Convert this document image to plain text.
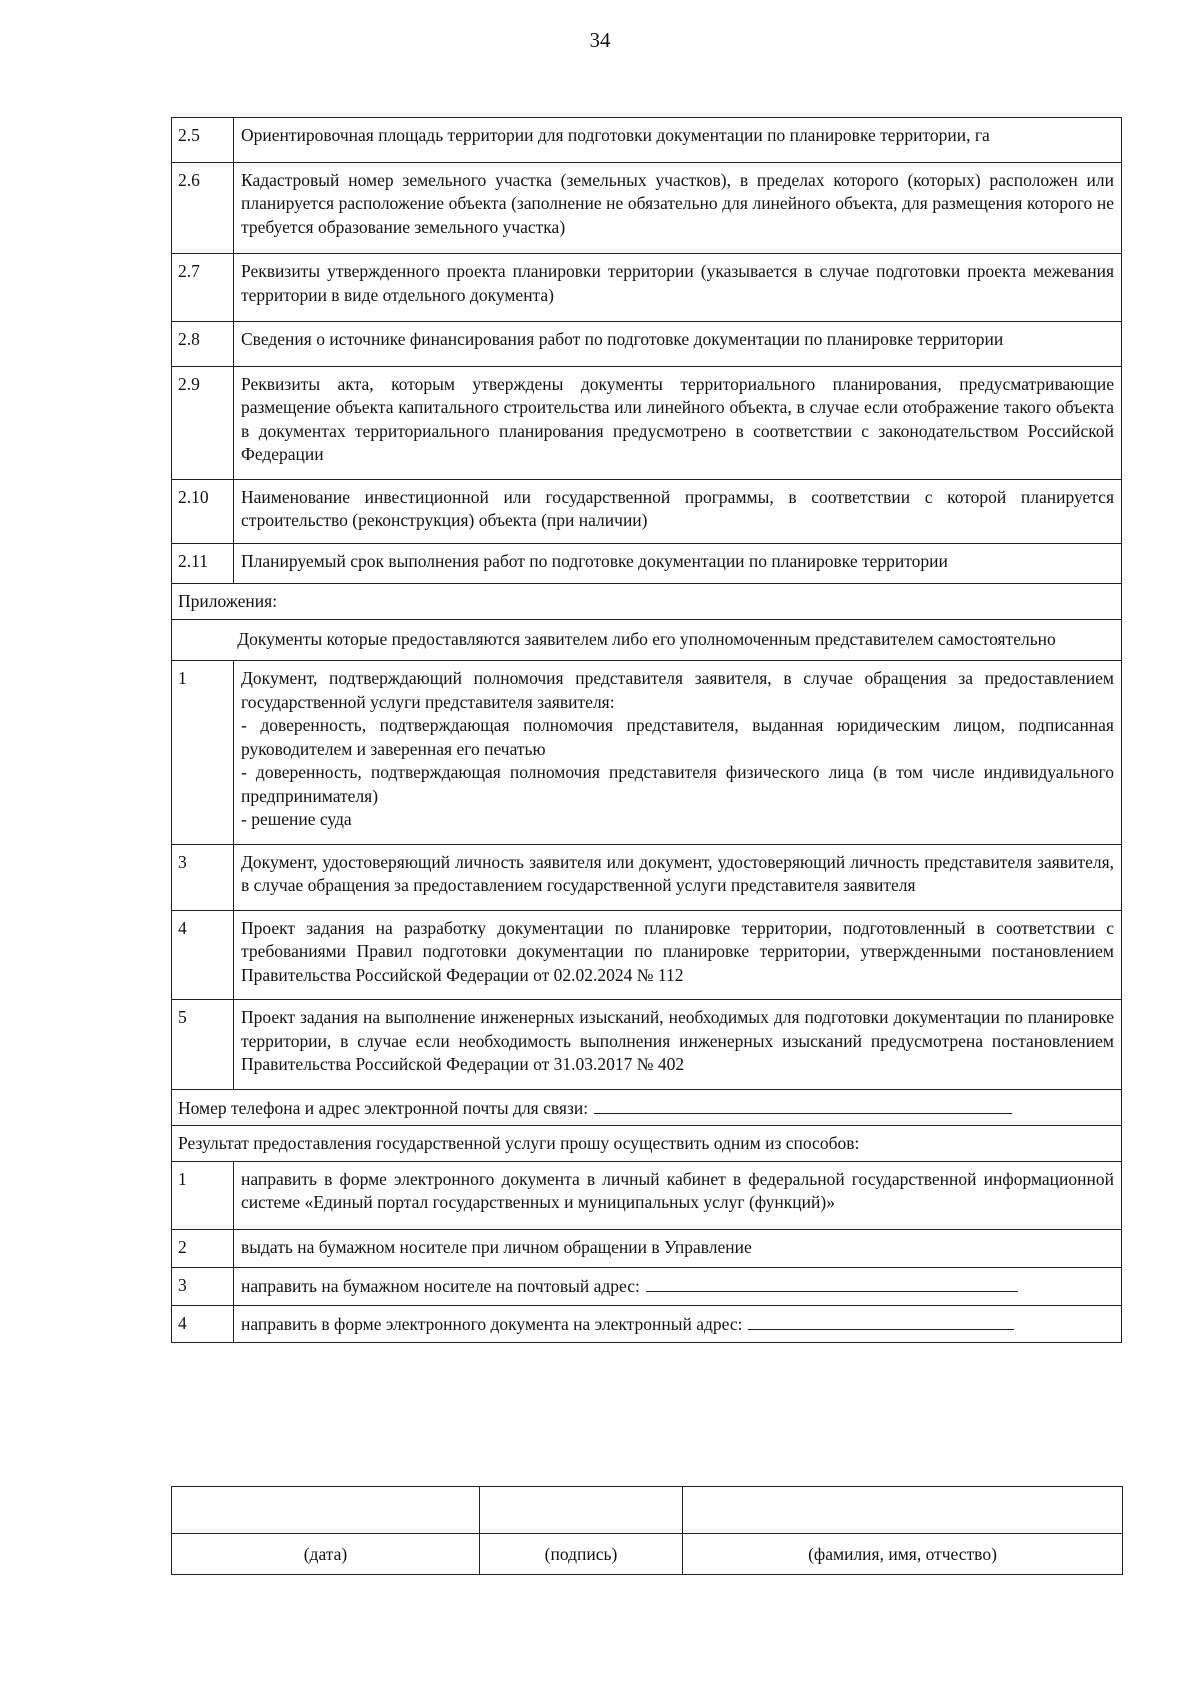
34
2.5	Ориентировочная площадь территории для подготовки документации по планировке территории, га

2.6	Кадастровый номер земельного участка (земельных участков), в пределах которого (которых) расположен или планируется расположение объекта (заполнение не обязательно для линейного объекта, для размещения которого не требуется образование земельного участка)

2.7	Реквизиты утвержденного проекта планировки территории (указывается в случае подготовки проекта межевания территории в виде отдельного документа)

2.8	Сведения о источнике финансирования работ по подготовке документации по планировке территории

2.9	Реквизиты акта, которым утверждены документы территориального планирования, предусматривающие размещение объекта капитального строительства или линейного объекта, в случае если отображение такого объекта в документах территориального планирования предусмотрено в соответствии с законодательством Российской Федерации

2.10	Наименование инвестиционной или государственной программы, в соответствии с которой планируется строительство (реконструкция) объекта (при наличии)

2.11	Планируемый срок выполнения работ по подготовке документации по планировке территории

Приложения:	
Документы которые предоставляются заявителем либо его уполномоченным представителем самостоятельно	
1	Документ, подтверждающий полномочия представителя заявителя, в случае обращения за предоставлением государственной услуги представителя заявителя:
- доверенность, подтверждающая полномочия представителя, выданная юридическим лицом, подписанная руководителем и заверенная его печатью
- доверенность, подтверждающая полномочия представителя физического лица (в том числе индивидуального предпринимателя)
- решение суда

3	Документ, удостоверяющий личность заявителя или документ, удостоверяющий личность представителя заявителя, в случае обращения за предоставлением государственной услуги представителя заявителя

4	Проект задания на разработку документации по планировке территории, подготовленный в соответствии с требованиями Правил подготовки документации по планировке территории, утвержденными постановлением Правительства Российской Федерации от 02.02.2024 № 112

5	Проект задания на выполнение инженерных изысканий, необходимых для подготовки документации по планировке территории, в случае если необходимость выполнения инженерных изысканий предусмотрена постановлением Правительства Российской Федерации от 31.03.2017 № 402

Номер телефона и адрес электронной почты для связи:	
Результат предоставления государственной услуги прошу осуществить одним из способов:	
1	направить в форме электронного документа в личный кабинет в федеральной государственной информационной системе «Единый портал государственных и муниципальных услуг (функций)»
2	выдать на бумажном носителе при личном обращении в Управление
3	направить на бумажном носителе на почтовый адрес:
4	направить в форме электронного документа на электронный адрес:

(дата)	(подпись)	(фамилия, имя, отчество)
